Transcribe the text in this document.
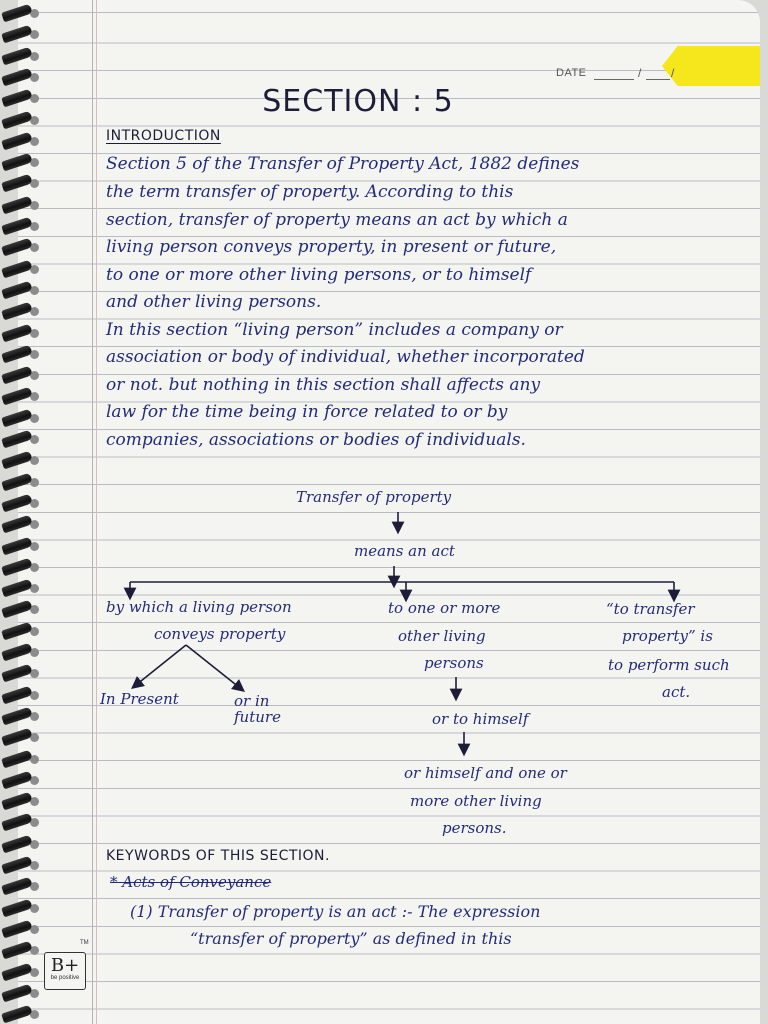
DATE	/ /
SECTION : 5
INTRODUCTION
Section 5 of the Transfer of Property Act, 1882 defines
the term transfer of property. According to this
section, transfer of property means an act by which a
living person conveys property, in present or future,
to one or more other living persons, or to himself
and other living persons.
In this section “living person” includes a company or
association or body of individual, whether incorporated
or not. but nothing in this section shall affects any
law for the time being in force related to or by
companies, associations or bodies of individuals.
Transfer of property
means an act
by which a living person
conveys property
In Present	or in
future
to one or more
other living
persons
or to himself
or himself and one or
more other living
persons.
“to transfer
property” is
to perform such
act.
KEYWORDS OF THIS SECTION.
* Acts of Conveyance
(1) Transfer of property is an act :- The expression
“transfer of property” as defined in this
B+
be positive
TM
